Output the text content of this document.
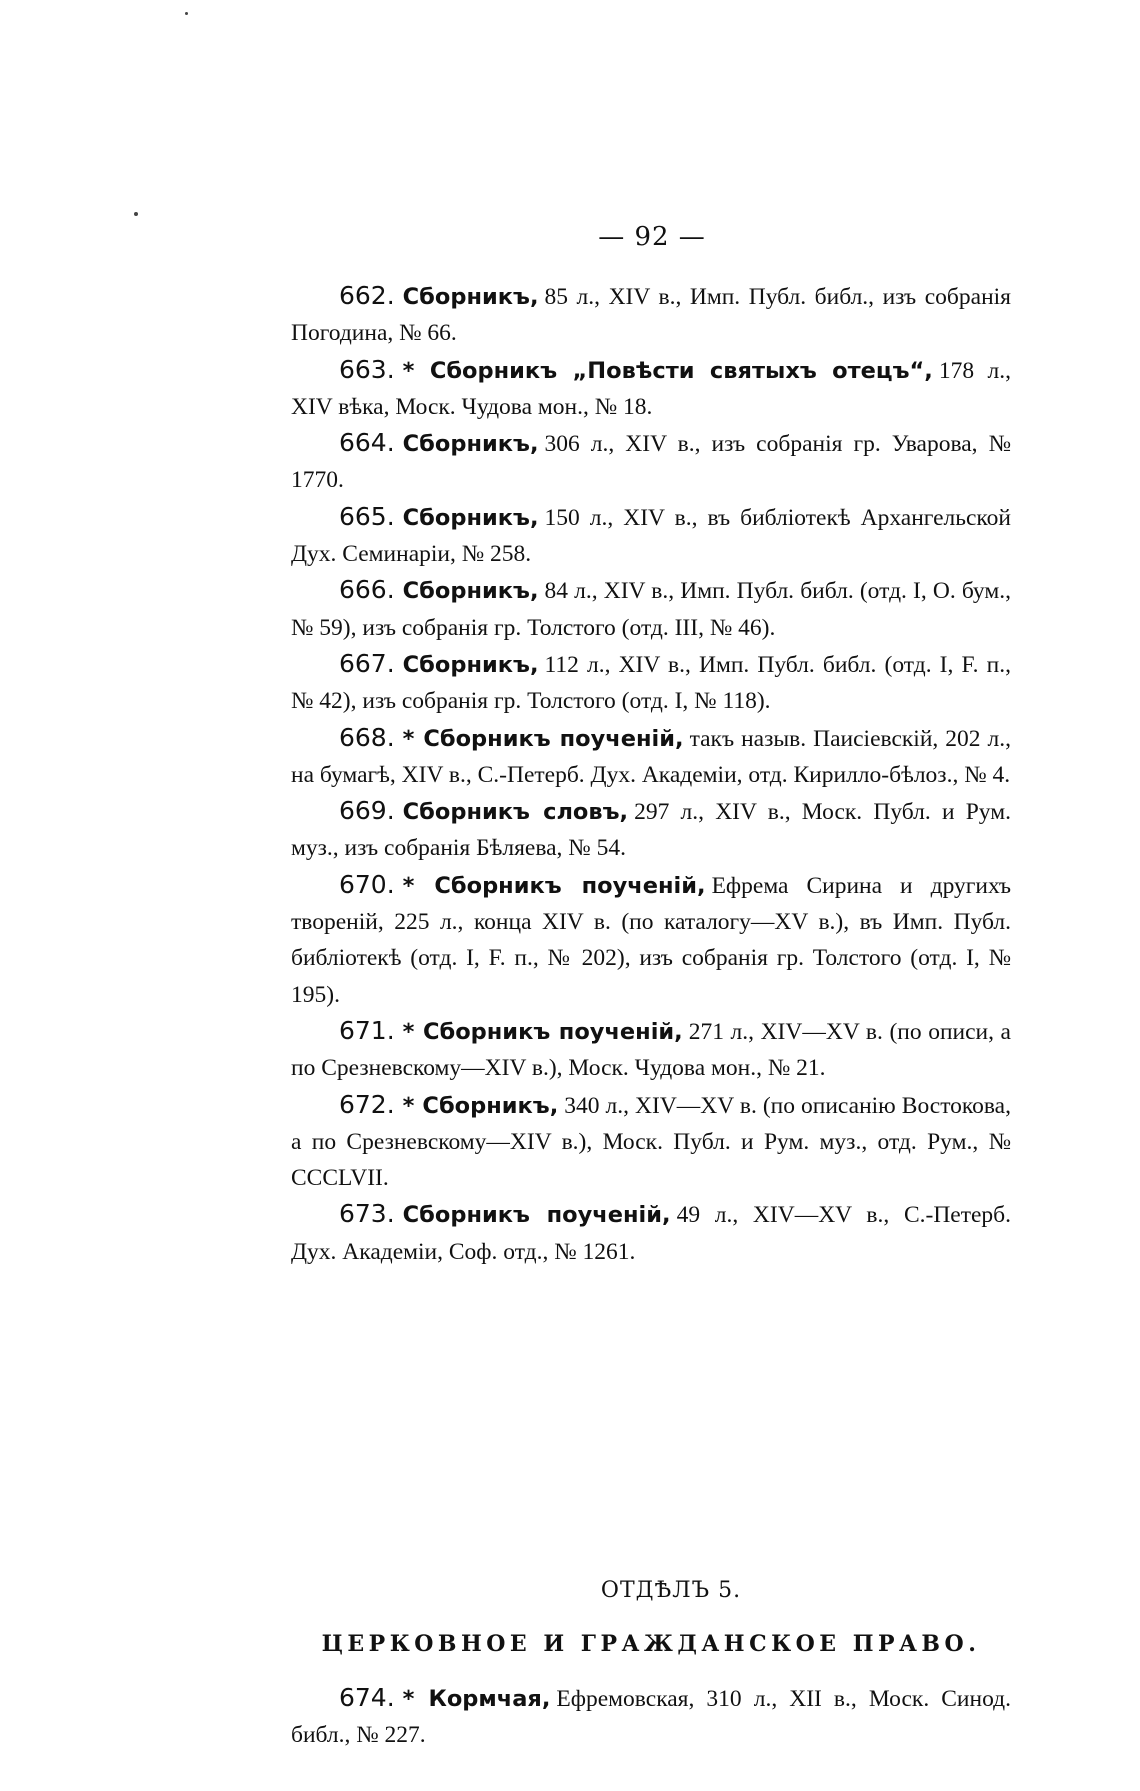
— 92 —

662. Сборникъ, 85 л., XIV в., Имп. Публ. библ., изъ собранія Погодина, № 66.

663. * Сборникъ „Повѣсти святыхъ отецъ“, 178 л., XIV вѣка, Моск. Чудова мон., № 18.

664. Сборникъ, 306 л., XIV в., изъ собранія гр. Уварова, № 1770.

665. Сборникъ, 150 л., XIV в., въ библіотекѣ Архангельской Дух. Семинаріи, № 258.

666. Сборникъ, 84 л., XIV в., Имп. Публ. библ. (отд. I, О. бум., № 59), изъ собранія гр. Толстого (отд. III, № 46).

667. Сборникъ, 112 л., XIV в., Имп. Публ. библ. (отд. I, F. п., № 42), изъ собранія гр. Толстого (отд. I, № 118).

668. * Сборникъ поученій, такъ назыв. Паисіевскій, 202 л., на бумагѣ, XIV в., С.-Петерб. Дух. Академіи, отд. Кирилло-бѣлоз., № 4.

669. Сборникъ словъ, 297 л., XIV в., Моск. Публ. и Рум. муз., изъ собранія Бѣляева, № 54.

670. * Сборникъ поученій, Ефрема Сирина и другихъ твореній, 225 л., конца XIV в. (по каталогу—XV в.), въ Имп. Публ. библіотекѣ (отд. I, F. п., № 202), изъ собранія гр. Толстого (отд. I, № 195).

671. * Сборникъ поученій, 271 л., XIV—XV в. (по описи, а по Срезневскому—XIV в.), Моск. Чудова мон., № 21.

672. * Сборникъ, 340 л., XIV—XV в. (по описанію Востокова, а по Срезневскому—XIV в.), Моск. Публ. и Рум. муз., отд. Рум., № CCCLVII.

673. Сборникъ поученій, 49 л., XIV—XV в., С.-Петерб. Дух. Академіи, Соф. отд., № 1261.

ОТДѢЛЪ 5.

ЦЕРКОВНОЕ И ГРАЖДАНСКОЕ ПРАВО.

674. * Кормчая, Ефремовская, 310 л., XII в., Моск. Синод. библ., № 227.
